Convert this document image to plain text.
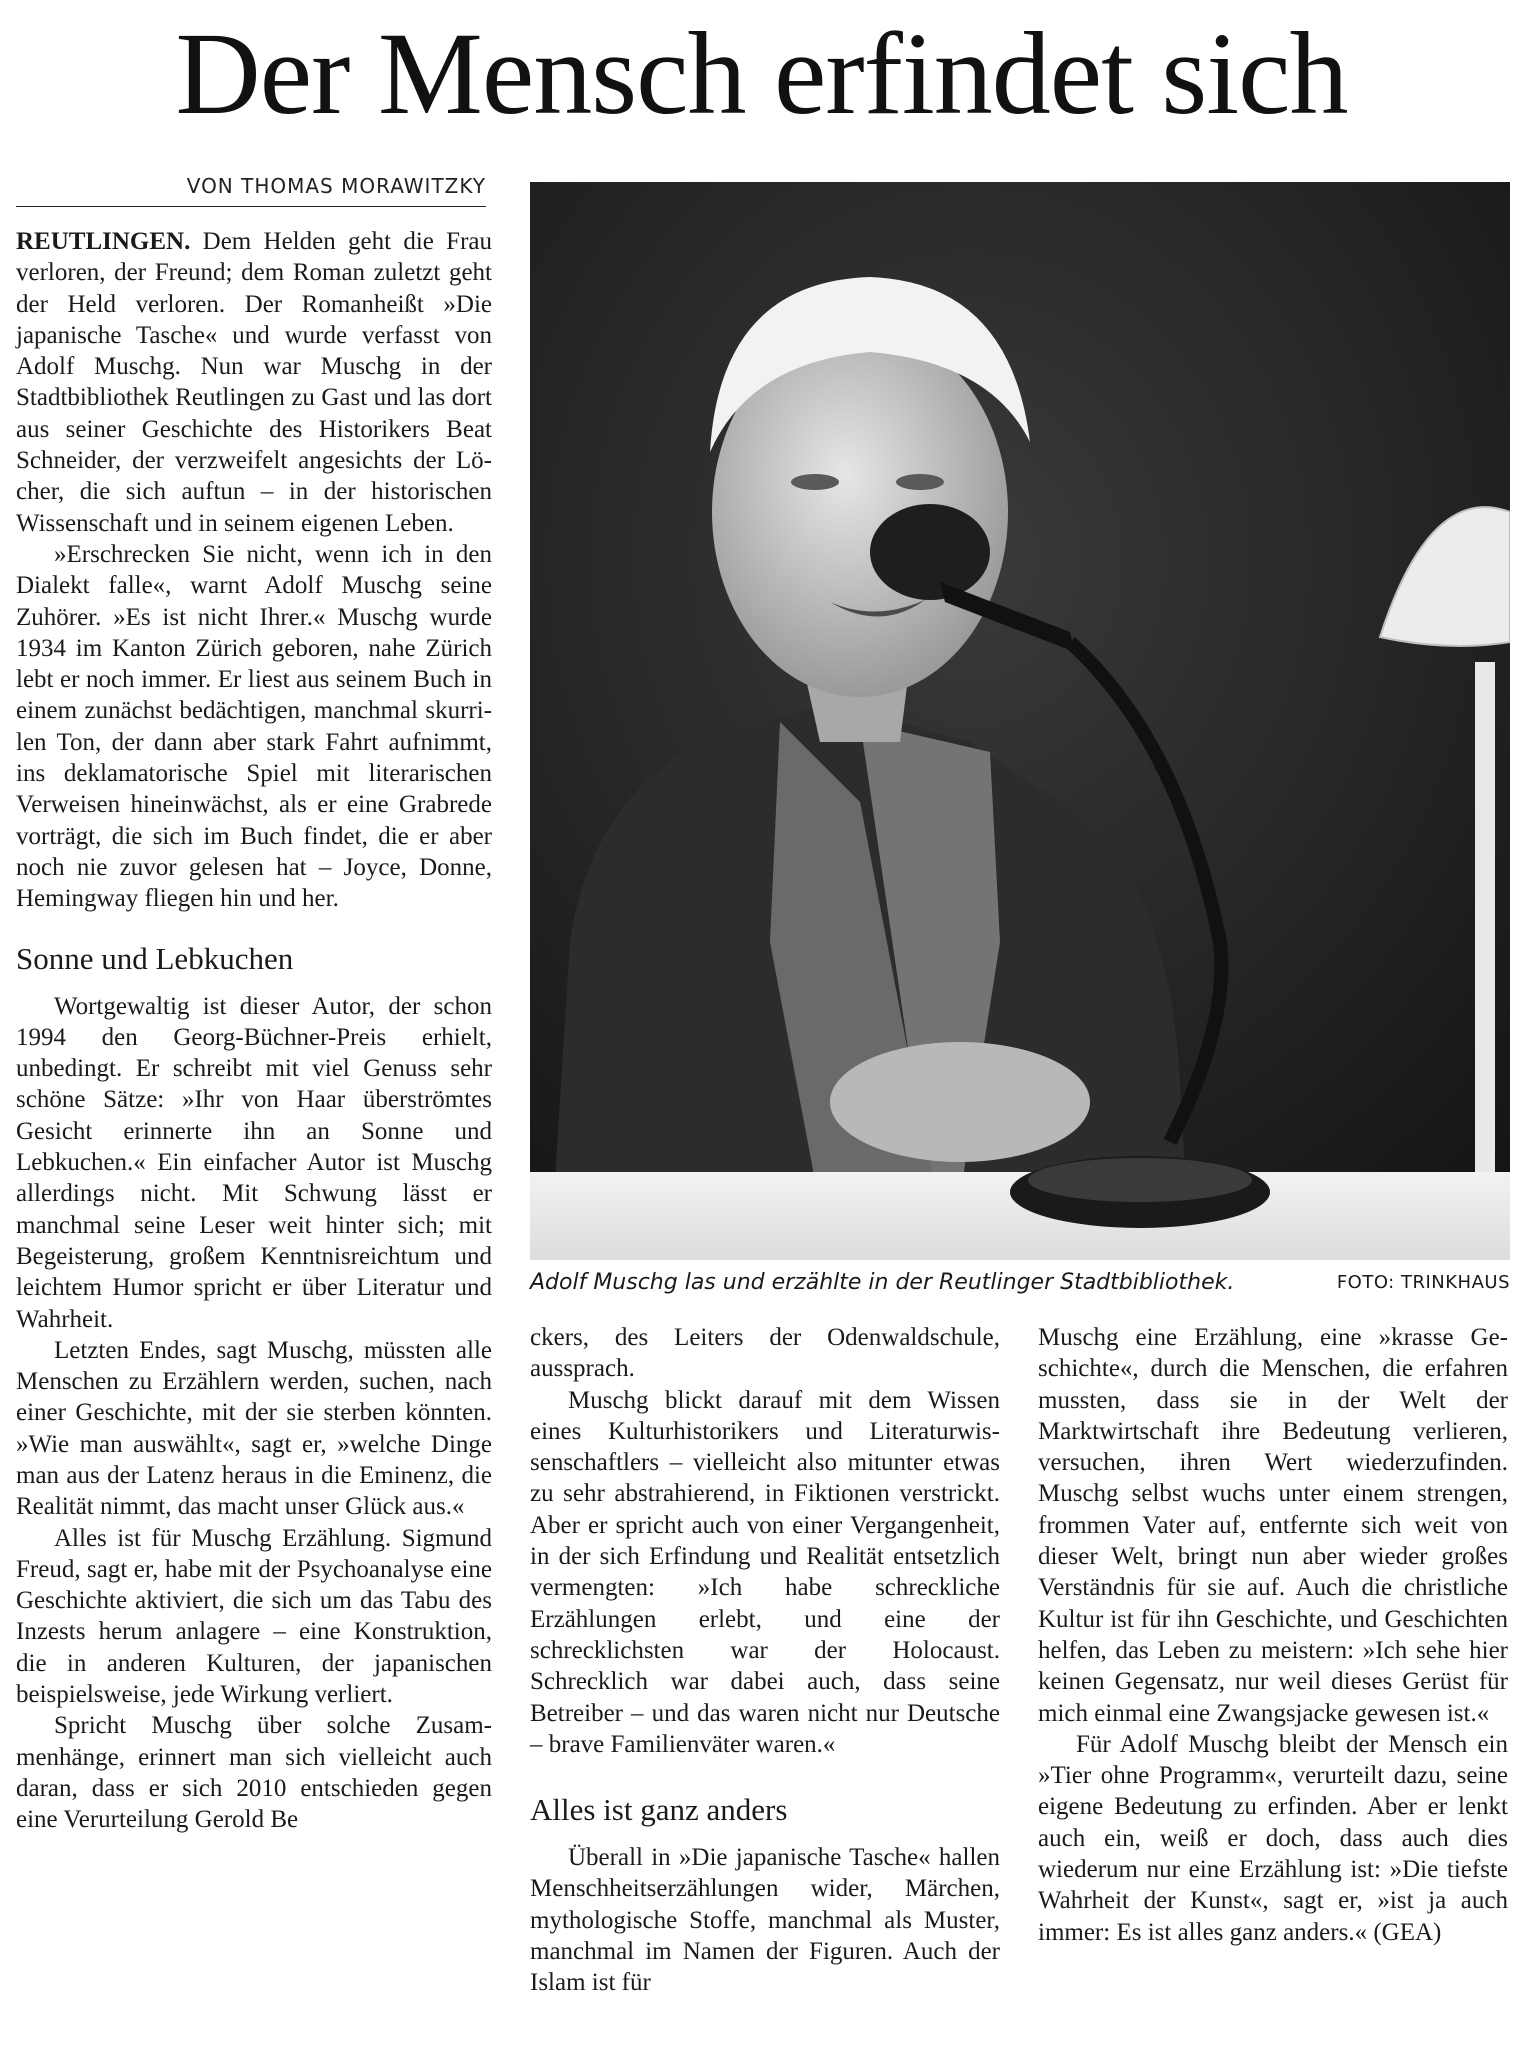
Der Mensch erfindet sich
VON THOMAS MORAWITZKY

REUTLINGEN. Dem Helden geht die Frau verloren, der Freund; dem Roman zuletzt geht der Held verloren. Der Romanheißt »Die japanische Tasche« und wurde verfasst von Adolf Muschg. Nun war Muschg in der Stadtbibliothek Reutlingen zu Gast und las dort aus seiner Geschichte des Historikers Beat Schneider, der verzweifelt angesichts der Löcher, die sich auftun – in der historischen Wissenschaft und in seinem eigenen Leben.

»Erschrecken Sie nicht, wenn ich in den Dialekt falle«, warnt Adolf Muschg seine Zuhörer. »Es ist nicht Ihrer.« Muschg wurde 1934 im Kanton Zürich geboren, nahe Zürich lebt er noch immer. Er liest aus seinem Buch in einem zunächst bedächtigen, manchmal skurrilen Ton, der dann aber stark Fahrt aufnimmt, ins deklamatorische Spiel mit literarischen Verweisen hineinwächst, als er eine Grabrede vorträgt, die sich im Buch findet, die er aber noch nie zuvor gelesen hat – Joyce, Donne, Hemingway fliegen hin und her.

Sonne und Lebkuchen

Wortgewaltig ist dieser Autor, der schon 1994 den Georg-Büchner-Preis erhielt, unbedingt. Er schreibt mit viel Genuss sehr schöne Sätze: »Ihr von Haar überströmtes Gesicht erinnerte ihn an Sonne und Lebkuchen.« Ein einfacher Autor ist Muschg allerdings nicht. Mit Schwung lässt er manchmal seine Leser weit hinter sich; mit Begeisterung, großem Kenntnisreichtum und leichtem Humor spricht er über Literatur und Wahrheit.

Letzten Endes, sagt Muschg, müssten alle Menschen zu Erzählern werden, suchen, nach einer Geschichte, mit der sie sterben könnten. »Wie man auswählt«, sagt er, »welche Dinge man aus der Latenz heraus in die Eminenz, die Realität nimmt, das macht unser Glück aus.«

Alles ist für Muschg Erzählung. Sigmund Freud, sagt er, habe mit der Psychoanalyse eine Geschichte aktiviert, die sich um das Tabu des Inzests herum anlagere – eine Konstruktion, die in anderen Kulturen, der japanischen beispielsweise, jede Wirkung verliert.

Spricht Muschg über solche Zusammenhänge, erinnert man sich vielleicht auch daran, dass er sich 2010 entschieden gegen eine Verurteilung Gerold Be

Adolf Muschg las und erzählte in der Reutlinger Stadtbibliothek.	FOTO: TRINKHAUS

ckers, des Leiters der Odenwaldschule, aussprach.

Muschg blickt darauf mit dem Wissen eines Kulturhistorikers und Literaturwissenschaftlers – vielleicht also mitunter etwas zu sehr abstrahierend, in Fiktionen verstrickt. Aber er spricht auch von einer Vergangenheit, in der sich Erfindung und Realität entsetzlich vermengten: »Ich habe schreckliche Erzählungen erlebt, und eine der schrecklichsten war der Holocaust. Schrecklich war dabei auch, dass seine Betreiber – und das waren nicht nur Deutsche – brave Familienväter waren.«

Alles ist ganz anders

Überall in »Die japanische Tasche« hallen Menschheitserzählungen wider, Märchen, mythologische Stoffe, manchmal als Muster, manchmal im Namen der Figuren. Auch der Islam ist für

Muschg eine Erzählung, eine »krasse Geschichte«, durch die Menschen, die erfahren mussten, dass sie in der Welt der Marktwirtschaft ihre Bedeutung verlieren, versuchen, ihren Wert wiederzufinden. Muschg selbst wuchs unter einem strengen, frommen Vater auf, entfernte sich weit von dieser Welt, bringt nun aber wieder großes Verständnis für sie auf. Auch die christliche Kultur ist für ihn Geschichte, und Geschichten helfen, das Leben zu meistern: »Ich sehe hier keinen Gegensatz, nur weil dieses Gerüst für mich einmal eine Zwangsjacke gewesen ist.«

Für Adolf Muschg bleibt der Mensch ein »Tier ohne Programm«, verurteilt dazu, seine eigene Bedeutung zu erfinden. Aber er lenkt auch ein, weiß er doch, dass auch dies wiederum nur eine Erzählung ist: »Die tiefste Wahrheit der Kunst«, sagt er, »ist ja auch immer: Es ist alles ganz anders.« (GEA)
